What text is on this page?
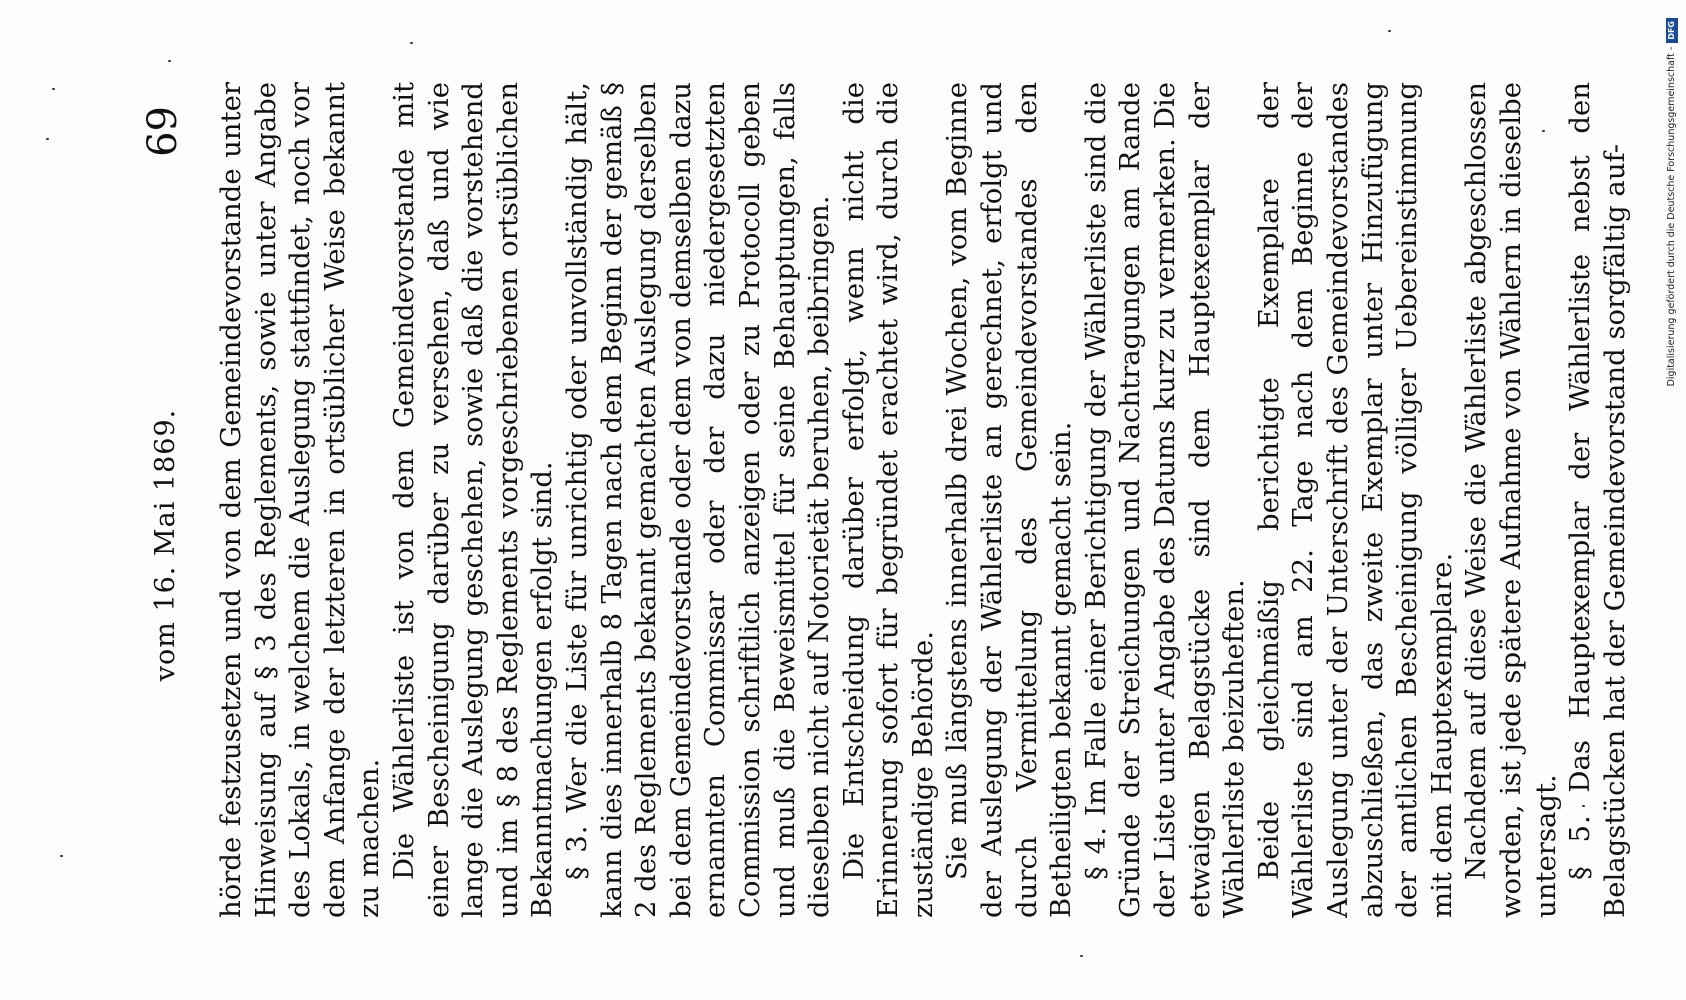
vom 16. Mai 1869.
69 hörde festzusetzen und von dem Gemeindevorstande unter Hinweisung auf § 3 des Reglements, sowie unter Angabe des Lokals, in welchem die Auslegung stattfindet, noch vor dem Anfange der letzteren in ortsüblicher Weise bekannt zu machen. Die Wählerliste ist von dem Gemeindevorstande mit einer Bescheinigung darüber zu versehen, daß und wie lange die Auslegung geschehen, sowie daß die vorstehend und im § 8 des Reglements vorgeschriebenen ortsüblichen Bekanntmachungen erfolgt sind. § 3. Wer die Liste für unrichtig oder unvollständig hält, kann dies innerhalb 8 Tagen nach dem Beginn der gemäß § 2 des Reglements bekannt gemachten Auslegung derselben bei dem Gemeindevorstande oder dem von demselben dazu ernannten Commissar oder der dazu niedergesetzten Commission schriftlich anzeigen oder zu Protocoll geben und muß die Beweismittel für seine Behauptungen, falls dieselben nicht auf Notorietät beruhen, beibringen. Die Entscheidung darüber erfolgt, wenn nicht die Erinnerung sofort für begründet erachtet wird, durch die zuständige Behörde. Sie muß längstens innerhalb drei Wochen, vom Beginne der Auslegung der Wählerliste an gerechnet, erfolgt und durch Vermittelung des Gemeindevorstandes den Betheiligten bekannt gemacht sein. § 4. Im Falle einer Berichtigung der Wählerliste sind die Gründe der Streichungen und Nachtragungen am Rande der Liste unter Angabe des Datums kurz zu vermerken. Die etwaigen Belagstücke sind dem Hauptexemplar der Wählerliste beizuheften. Beide gleichmäßig berichtigte Exemplare der Wählerliste sind am 22. Tage nach dem Beginne der Auslegung unter der Unterschrift des Gemeindevorstandes abzuschließen, das zweite Exemplar unter Hinzufügung der amtlichen Bescheinigung völliger Uebereinstimmung mit dem Hauptexemplare. Nachdem auf diese Weise die Wählerliste abgeschlossen worden, ist jede spätere Aufnahme von Wählern in dieselbe untersagt. § 5. Das Hauptexemplar der Wählerliste nebst den Belagstücken hat der Gemeindevorstand sorgfältig auf-	Digitalisierung gefördert durch die Deutsche Forschungsgemeinschaft -DFG
